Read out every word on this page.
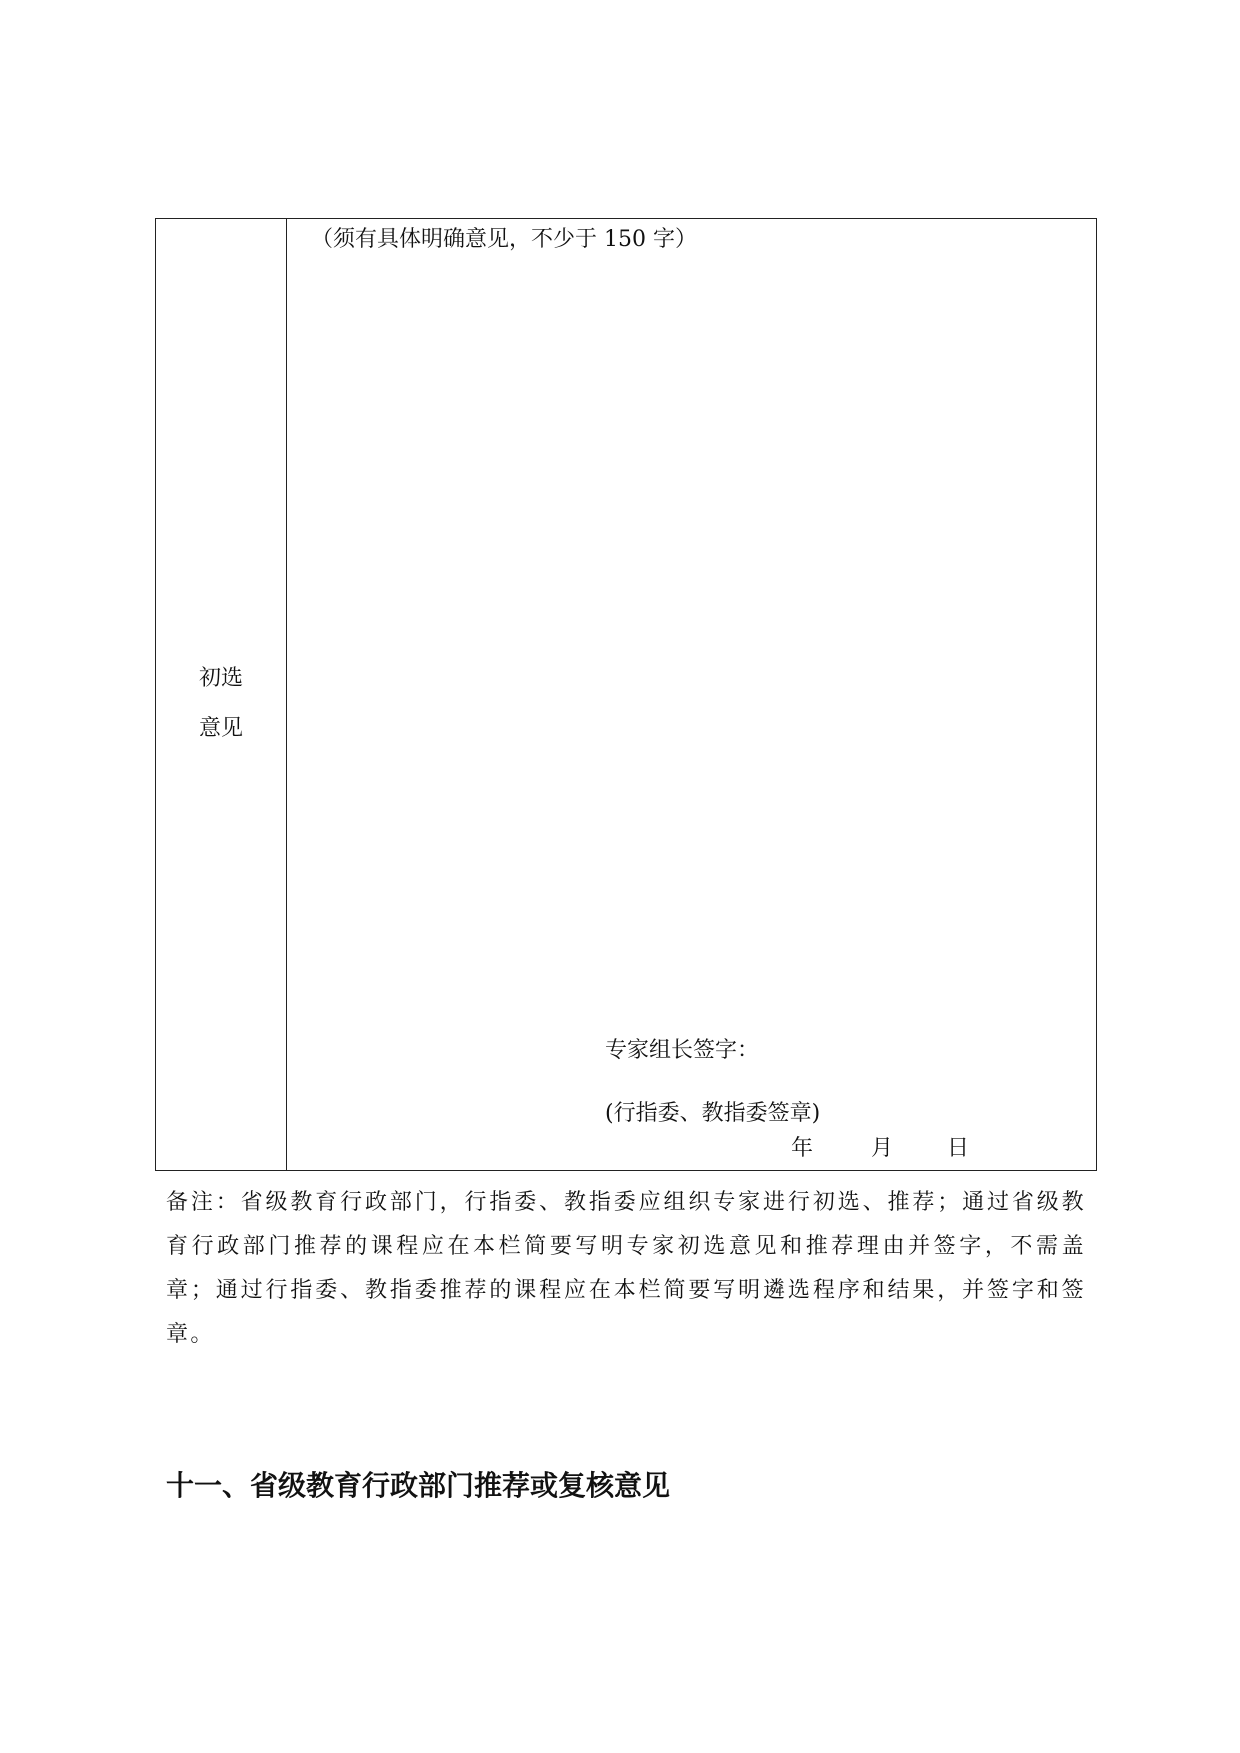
初选
意见
（须有具体明确意见，不少于 150 字）
专家组长签字：
(行指委、教指委签章)
年	月 日
备注：省级教育行政部门，行指委、教指委应组织专家进行初选、推荐；通过省级教育行政部门推荐的课程应在本栏简要写明专家初选意见和推荐理由并签字，不需盖章；通过行指委、教指委推荐的课程应在本栏简要写明遴选程序和结果，并签字和签章。
十一、省级教育行政部门推荐或复核意见
